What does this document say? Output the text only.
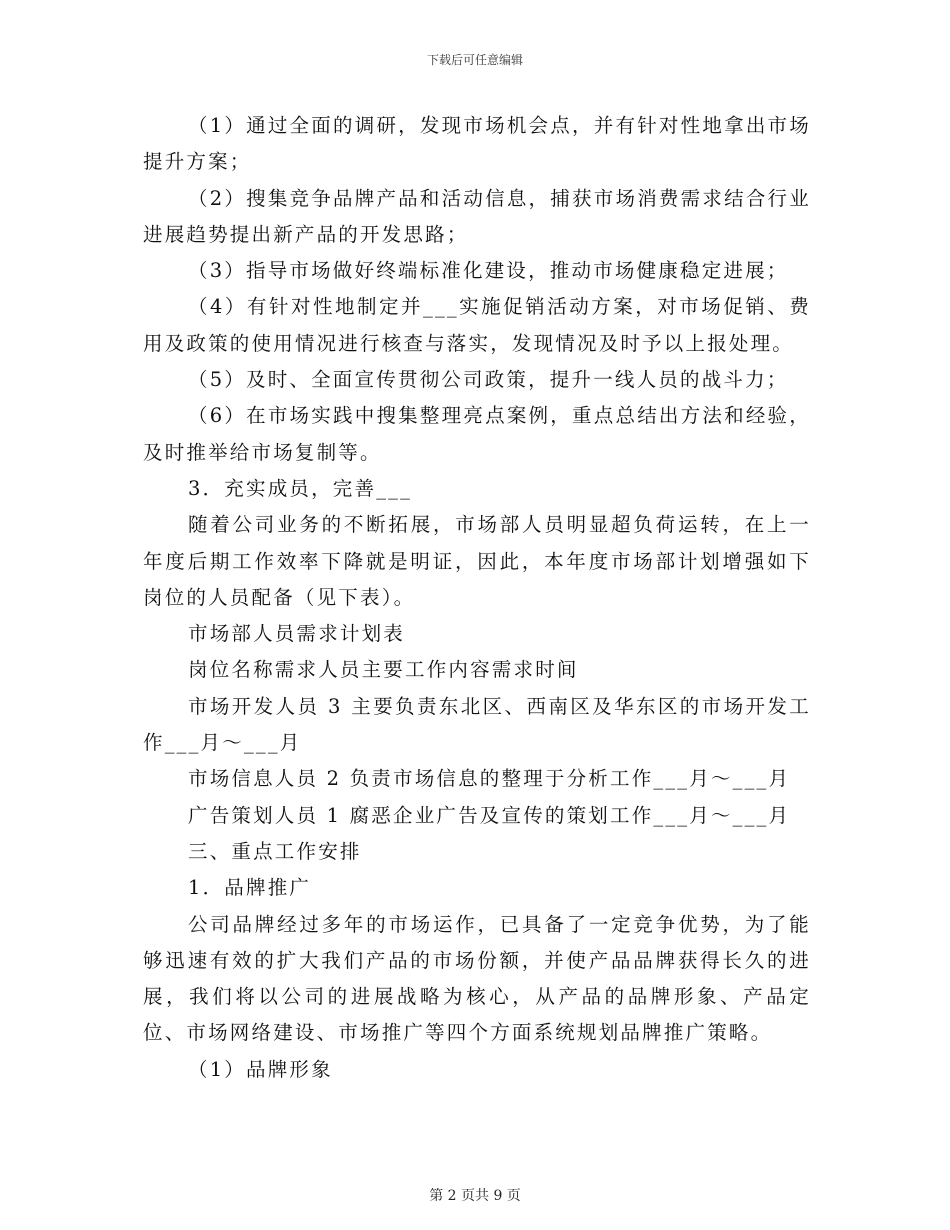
下载后可任意编辑

（1）通过全面的调研，发现市场机会点，并有针对性地拿出市场提升方案；

（2）搜集竞争品牌产品和活动信息，捕获市场消费需求结合行业进展趋势提出新产品的开发思路；

（3）指导市场做好终端标准化建设，推动市场健康稳定进展；

（4）有针对性地制定并___实施促销活动方案，对市场促销、费用及政策的使用情况进行核查与落实，发现情况及时予以上报处理。

（5）及时、全面宣传贯彻公司政策，提升一线人员的战斗力；

（6）在市场实践中搜集整理亮点案例，重点总结出方法和经验，及时推举给市场复制等。

3．充实成员，完善___

随着公司业务的不断拓展，市场部人员明显超负荷运转，在上一年度后期工作效率下降就是明证，因此，本年度市场部计划增强如下岗位的人员配备（见下表）。

市场部人员需求计划表

岗位名称需求人员主要工作内容需求时间

市场开发人员 3 主要负责东北区、西南区及华东区的市场开发工作___月～___月

市场信息人员 2 负责市场信息的整理于分析工作___月～___月

广告策划人员 1 腐恶企业广告及宣传的策划工作___月～___月

三、重点工作安排

1．品牌推广

公司品牌经过多年的市场运作，已具备了一定竞争优势，为了能够迅速有效的扩大我们产品的市场份额，并使产品品牌获得长久的进展，我们将以公司的进展战略为核心，从产品的品牌形象、产品定位、市场网络建设、市场推广等四个方面系统规划品牌推广策略。

（1）品牌形象

第 2 页共 9 页
